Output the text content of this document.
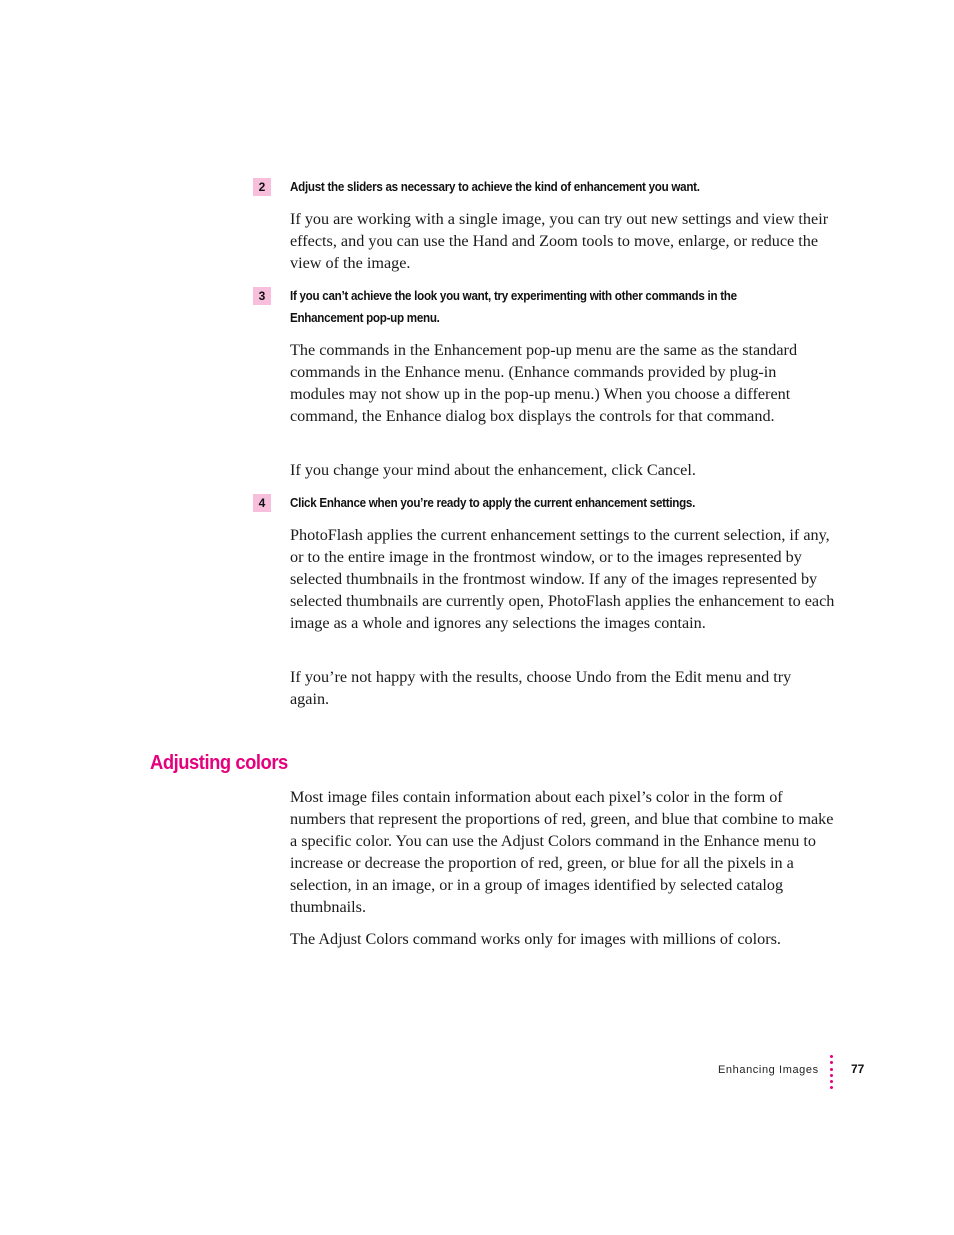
2	Adjust the sliders as necessary to achieve the kind of enhancement you want.

If you are working with a single image, you can try out new settings and view their effects, and you can use the Hand and Zoom tools to move, enlarge, or reduce the view of the image.

3	If you can’t achieve the look you want, try experimenting with other commands in the
Enhancement pop-up menu.

The commands in the Enhancement pop-up menu are the same as the standard commands in the Enhance menu. (Enhance commands provided by plug-in modules may not show up in the pop-up menu.) When you choose a different command, the Enhance dialog box displays the controls for that command.

If you change your mind about the enhancement, click Cancel.

4	Click Enhance when you’re ready to apply the current enhancement settings.

PhotoFlash applies the current enhancement settings to the current selection, if any, or to the entire image in the frontmost window, or to the images represented by selected thumbnails in the frontmost window. If any of the images represented by selected thumbnails are currently open, PhotoFlash applies the enhancement to each image as a whole and ignores any selections the images contain.

If you’re not happy with the results, choose Undo from the Edit menu and try again.

Adjusting colors

Most image files contain information about each pixel’s color in the form of numbers that represent the proportions of red, green, and blue that combine to make a specific color. You can use the Adjust Colors command in the Enhance menu to increase or decrease the proportion of red, green, or blue for all the pixels in a selection, in an image, or in a group of images identified by selected catalog thumbnails.

The Adjust Colors command works only for images with millions of colors.

Enhancing Images	77
